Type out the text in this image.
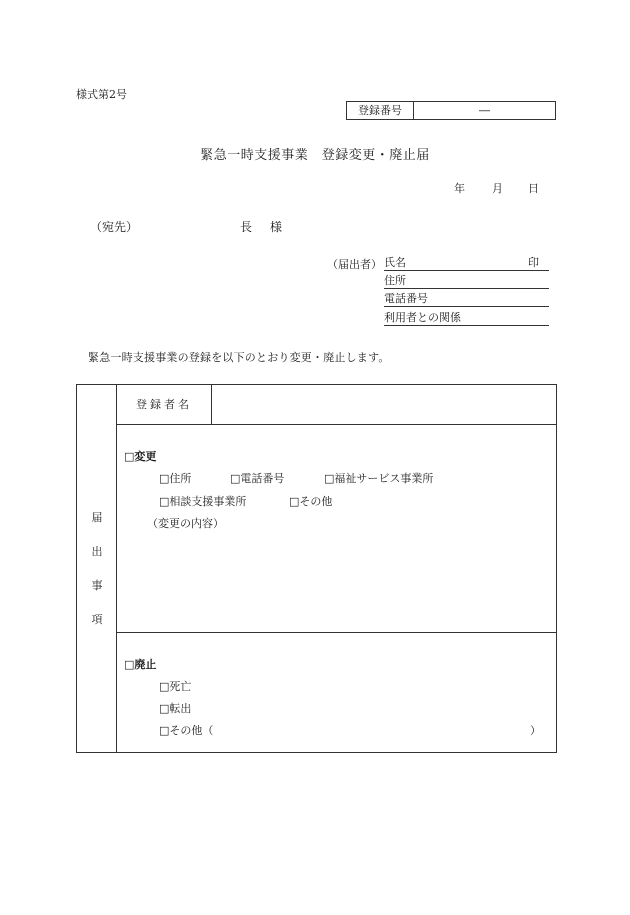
様式第2号
登録番号	―
緊急一時支援事業　登録変更・廃止届
年 月 日
（宛先）	長　様
（届出者） 氏名	印
住所
電話番号
利用者との関係
緊急一時支援事業の登録を以下のとおり変更・廃止します。
届
出
事
項
登録者名
□変更
□住所	□電話番号	□福祉サービス事業所
□相談支援事業所	□その他
（変更の内容）
□廃止
□死亡
□転出
□その他（	）
